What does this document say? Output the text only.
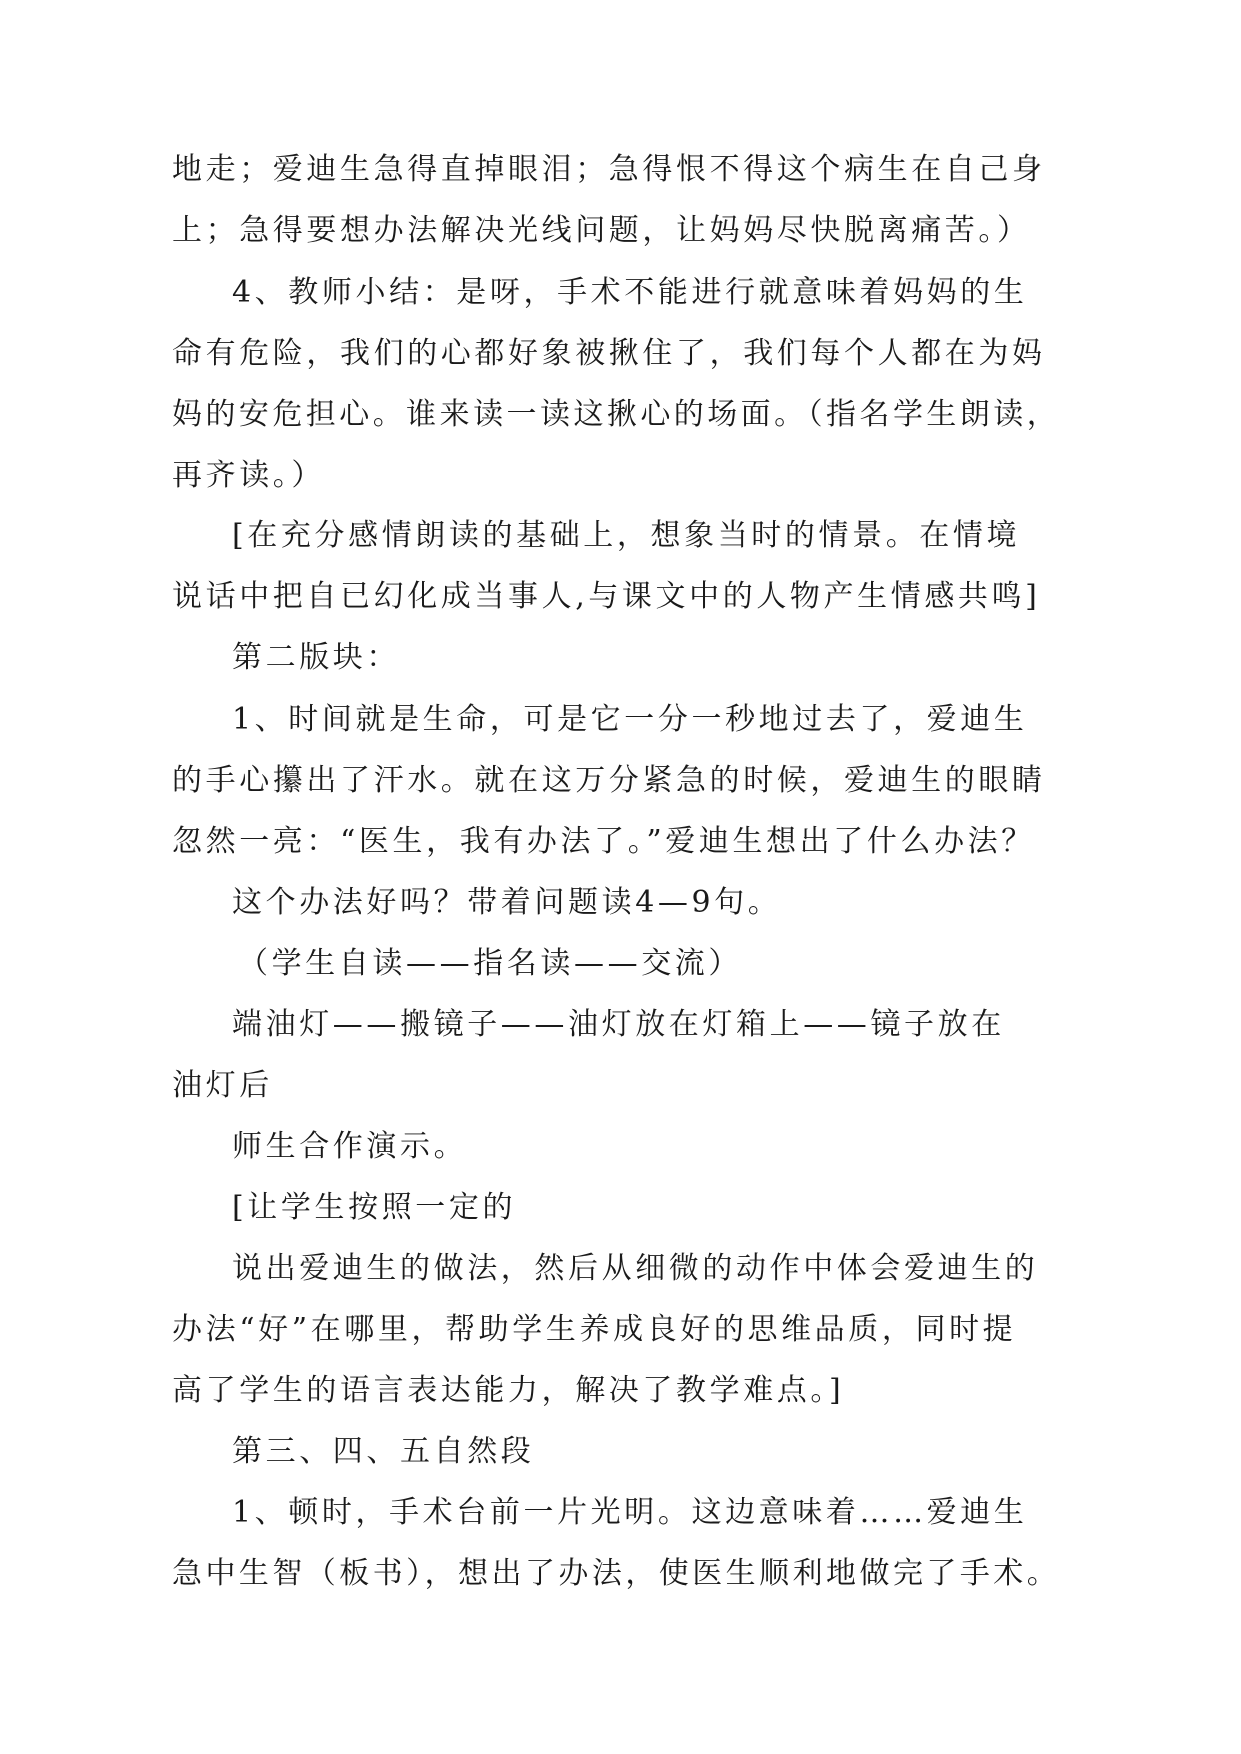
地走；爱迪生急得直掉眼泪；急得恨不得这个病生在自己身
上；急得要想办法解决光线问题，让妈妈尽快脱离痛苦。）
4、教师小结：是呀，手术不能进行就意味着妈妈的生
命有危险，我们的心都好象被揪住了，我们每个人都在为妈
妈的安危担心。谁来读一读这揪心的场面。（指名学生朗读，
再齐读。）
[在充分感情朗读的基础上，想象当时的情景。在情境
说话中把自已幻化成当事人,与课文中的人物产生情感共鸣]
第二版块：
1、时间就是生命，可是它一分一秒地过去了，爱迪生
的手心攥出了汗水。就在这万分紧急的时候，爱迪生的眼睛
忽然一亮：“医生，我有办法了。”爱迪生想出了什么办法？
这个办法好吗？带着问题读4—9句。
（学生自读——指名读——交流）
端油灯——搬镜子——油灯放在灯箱上——镜子放在
油灯后
师生合作演示。
[让学生按照一定的
说出爱迪生的做法，然后从细微的动作中体会爱迪生的
办法“好”在哪里，帮助学生养成良好的思维品质，同时提
高了学生的语言表达能力，解决了教学难点。]
第三、四、五自然段
1、顿时，手术台前一片光明。这边意味着……爱迪生
急中生智（板书），想出了办法，使医生顺利地做完了手术。
